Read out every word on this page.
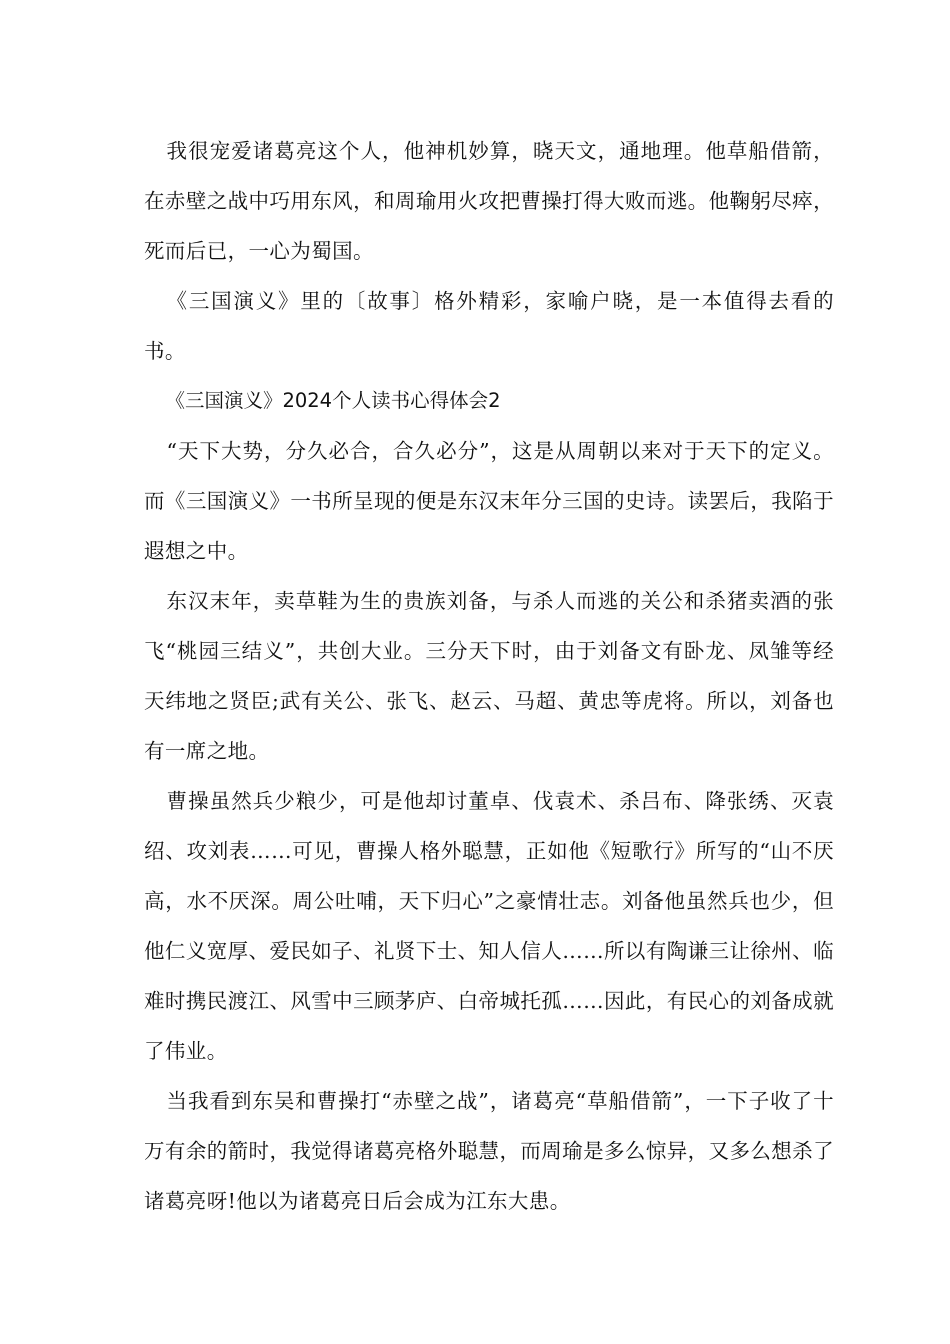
我很宠爱诸葛亮这个人，他神机妙算，晓天文，通地理。他草船借箭，在赤壁之战中巧用东风，和周瑜用火攻把曹操打得大败而逃。他鞠躬尽瘁，死而后已，一心为蜀国。

《三国演义》里的〔故事〕格外精彩，家喻户晓，是一本值得去看的书。

《三国演义》2024个人读书心得体会2

“天下大势，分久必合，合久必分”，这是从周朝以来对于天下的定义。而《三国演义》一书所呈现的便是东汉末年分三国的史诗。读罢后，我陷于遐想之中。

东汉末年，卖草鞋为生的贵族刘备，与杀人而逃的关公和杀猪卖酒的张飞“桃园三结义”，共创大业。三分天下时，由于刘备文有卧龙、凤雏等经天纬地之贤臣;武有关公、张飞、赵云、马超、黄忠等虎将。所以，刘备也有一席之地。

曹操虽然兵少粮少，可是他却讨董卓、伐袁术、杀吕布、降张绣、灭袁绍、攻刘表……可见，曹操人格外聪慧，正如他《短歌行》所写的“山不厌高，水不厌深。周公吐哺，天下归心”之豪情壮志。刘备他虽然兵也少，但他仁义宽厚、爱民如子、礼贤下士、知人信人……所以有陶谦三让徐州、临难时携民渡江、风雪中三顾茅庐、白帝城托孤……因此，有民心的刘备成就了伟业。

当我看到东吴和曹操打“赤壁之战”，诸葛亮“草船借箭”，一下子收了十万有余的箭时，我觉得诸葛亮格外聪慧，而周瑜是多么惊异，又多么想杀了诸葛亮呀!他以为诸葛亮日后会成为江东大患。
